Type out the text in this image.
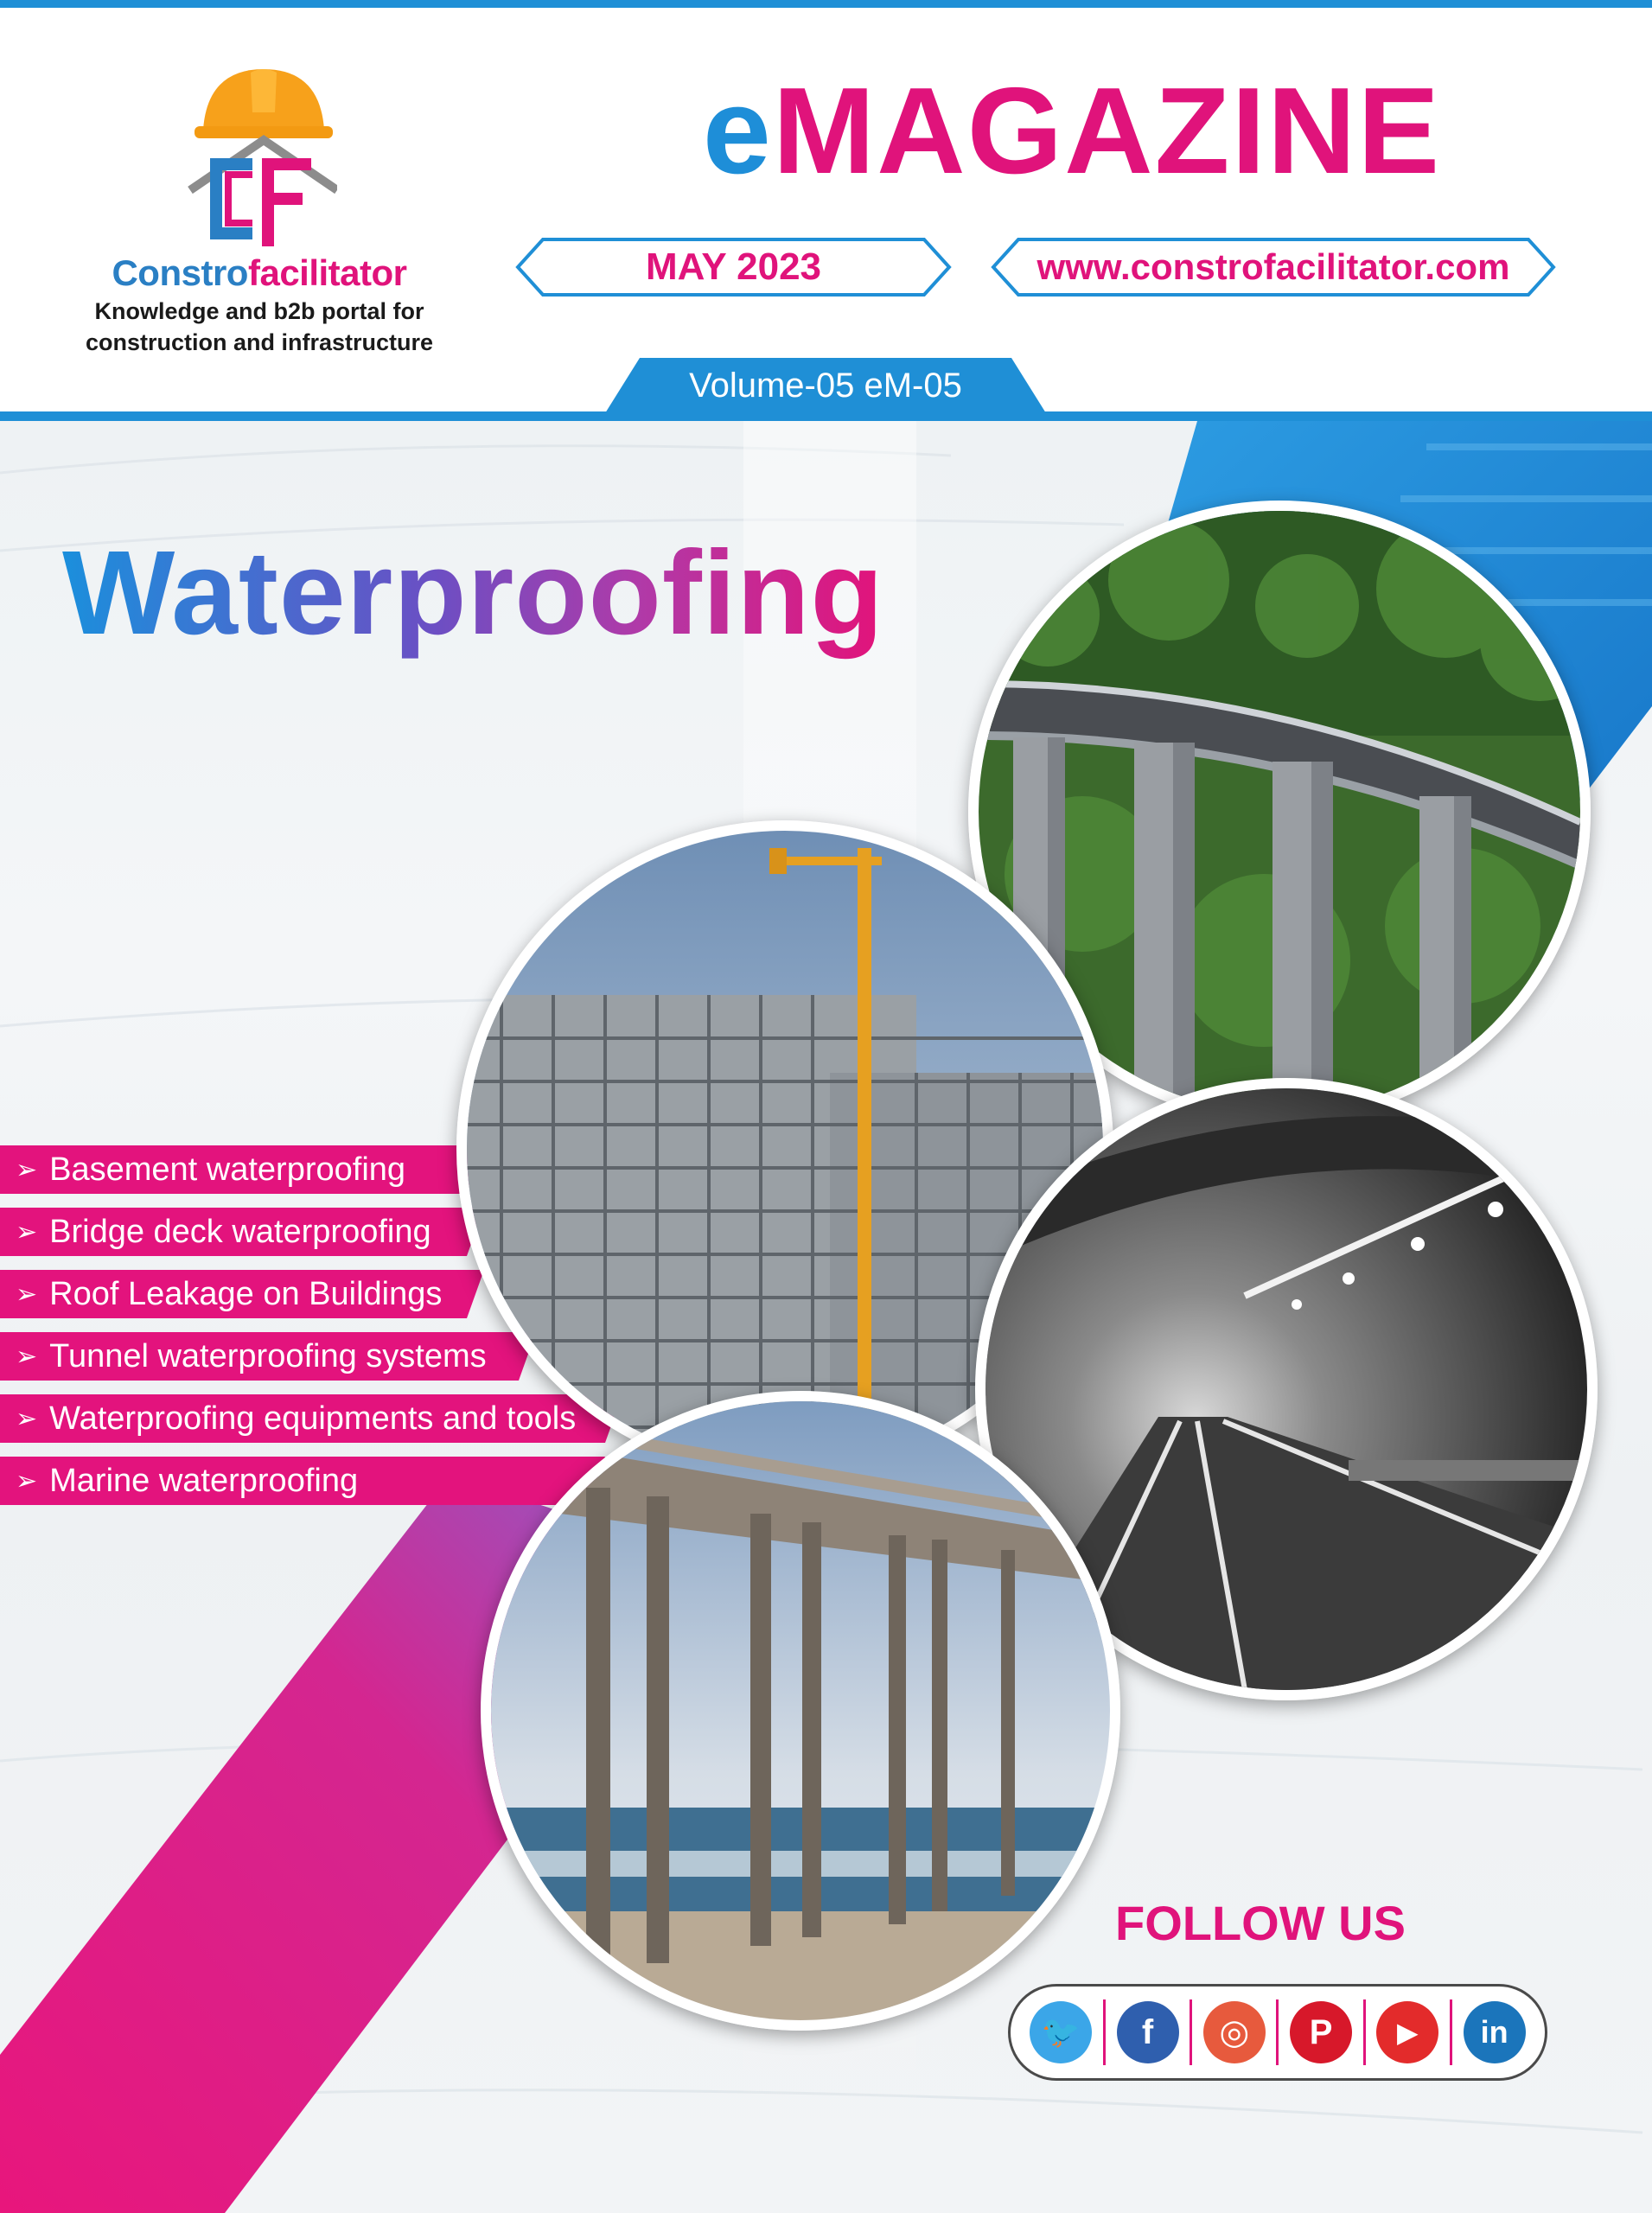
Constrofacilitator
Knowledge and b2b portal for
construction and infrastructure
eMAGAZINE
MAY 2023	www.constrofacilitator.com
Volume-05 eM-05
Waterproofing
➢ Basement waterproofing
➢ Bridge deck waterproofing
➢ Roof Leakage on Buildings
➢ Tunnel waterproofing systems
➢ Waterproofing equipments and tools
➢ Marine waterproofing
FOLLOW US
🐦	f	◎	P	▶	in
